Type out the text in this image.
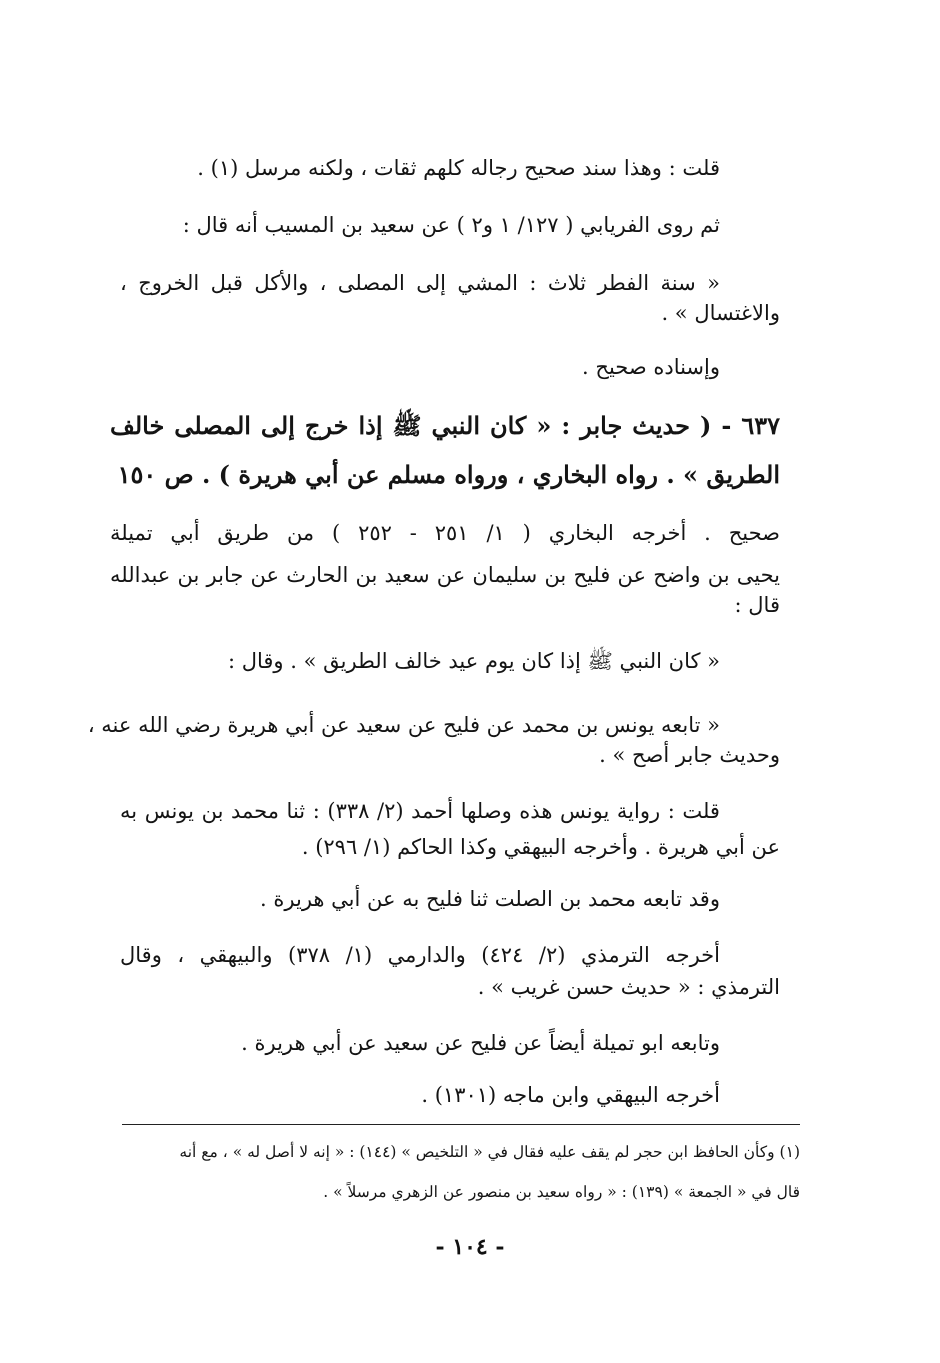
قلت : وهذا سند صحيح رجاله كلهم ثقات ، ولكنه مرسل (١) .
ثم روى الفريابي ( ١٢٧/ ١ و٢ ) عن سعيد بن المسيب أنه قال :
« سنة الفطر ثلاث : المشي إلى المصلى ، والأكل قبل الخروج ،
والاغتسال » .
وإسناده صحيح .
٦٣٧ - ( حديث جابر : « كان النبي ﷺ إذا خرج إلى المصلى خالف
الطريق » . رواه البخاري ، ورواه مسلم عن أبي هريرة ) . ص ١٥٠
صحيح . أخرجه البخاري ( ١/ ٢٥١ - ٢٥٢ ) من طريق أبي تميلة
يحيى بن واضح عن فليح بن سليمان عن سعيد بن الحارث عن جابر بن عبدالله
قال :
« كان النبي ﷺ إذا كان يوم عيد خالف الطريق » . وقال :
« تابعه يونس بن محمد عن فليح عن سعيد عن أبي هريرة رضي الله عنه ،
وحديث جابر أصح » .
قلت : رواية يونس هذه وصلها أحمد (٢/ ٣٣٨) : ثنا محمد بن يونس به
عن أبي هريرة . وأخرجه البيهقي وكذا الحاكم (١/ ٢٩٦) .
وقد تابعه محمد بن الصلت ثنا فليح به عن أبي هريرة .
أخرجه الترمذي (٢/ ٤٢٤) والدارمي (١/ ٣٧٨) والبيهقي ، وقال
الترمذي : « حديث حسن غريب » .
وتابعه ابو تميلة أيضاً عن فليح عن سعيد عن أبي هريرة .
أخرجه البيهقي وابن ماجه (١٣٠١) .
(١) وكأن الحافظ ابن حجر لم يقف عليه فقال في « التلخيص » (١٤٤) : « إنه لا أصل له » ، مع أنه
قال في « الجمعة » (١٣٩) : « رواه سعيد بن منصور عن الزهري مرسلاً » .
- ١٠٤ -
